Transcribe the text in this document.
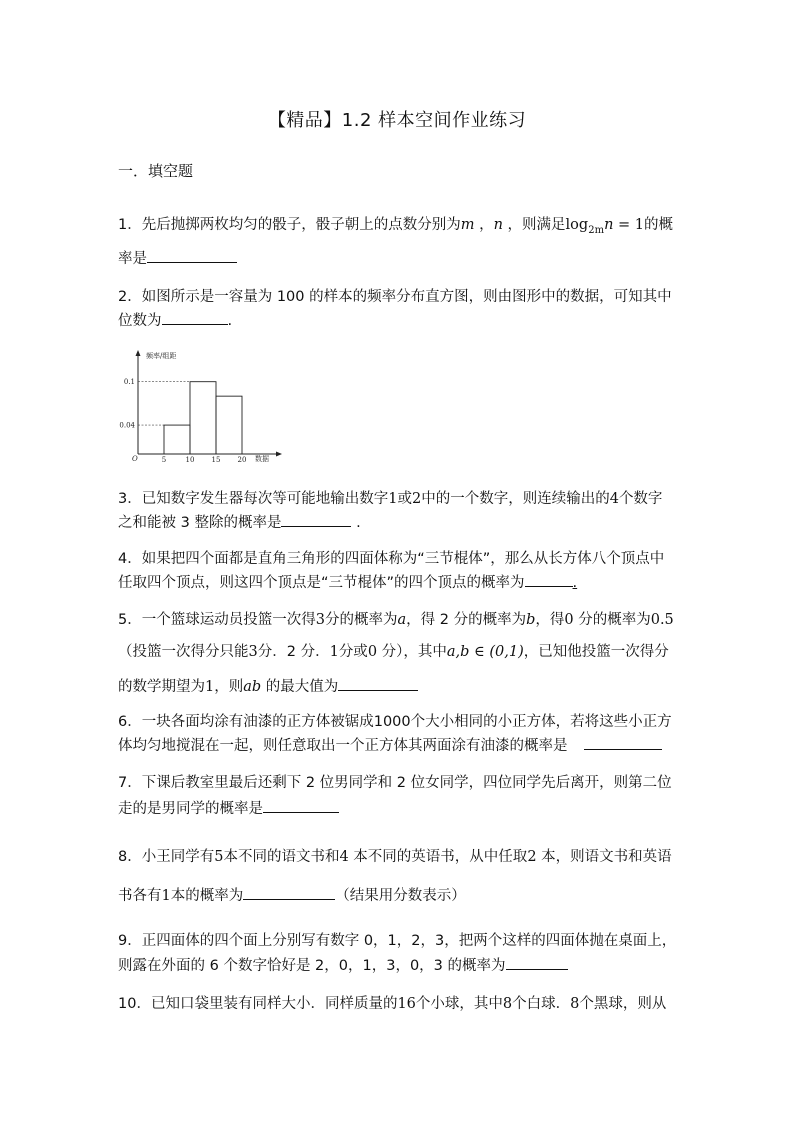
【精品】1.2 样本空间作业练习
一．填空题
1．先后抛掷两枚均匀的骰子，骰子朝上的点数分别为m ，n ，则满足$\log_{2m}n = 1$的概
率是
2．如图所示是一容量为 100 的样本的频率分布直方图，则由图形中的数据，可知其中
位数为	.
频率/组距
数据
O	5	10 15 20
0.04
0.1
3．已知数字发生器每次等可能地输出数字1或2中的一个数字，则连续输出的4个数字
之和能被 3 整除的概率是	.
4．如果把四个面都是直角三角形的四面体称为“三节棍体”，那么从长方体八个顶点中
任取四个顶点，则这四个顶点是“三节棍体”的四个顶点的概率为	.
5．一个篮球运动员投篮一次得3分的概率为a，得 2 分的概率为b，得0 分的概率为0.5
（投篮一次得分只能3分．2 分．1分或0 分），其中a,b ∈ (0,1)，已知他投篮一次得分
的数学期望为1，则ab 的最大值为
6．一块各面均涂有油漆的正方体被锯成1000个大小相同的小正方体，若将这些小正方
体均匀地搅混在一起，则任意取出一个正方体其两面涂有油漆的概率是
7．下课后教室里最后还剩下 2 位男同学和 2 位女同学，四位同学先后离开，则第二位
走的是男同学的概率是
8．小王同学有5本不同的语文书和4 本不同的英语书，从中任取2 本，则语文书和英语
书各有1本的概率为	（结果用分数表示）
9．正四面体的四个面上分别写有数字 0，1，2，3，把两个这样的四面体抛在桌面上，
则露在外面的 6 个数字恰好是 2，0，1，3，0，3 的概率为
10．已知口袋里装有同样大小．同样质量的16个小球，其中8个白球．8个黑球，则从
